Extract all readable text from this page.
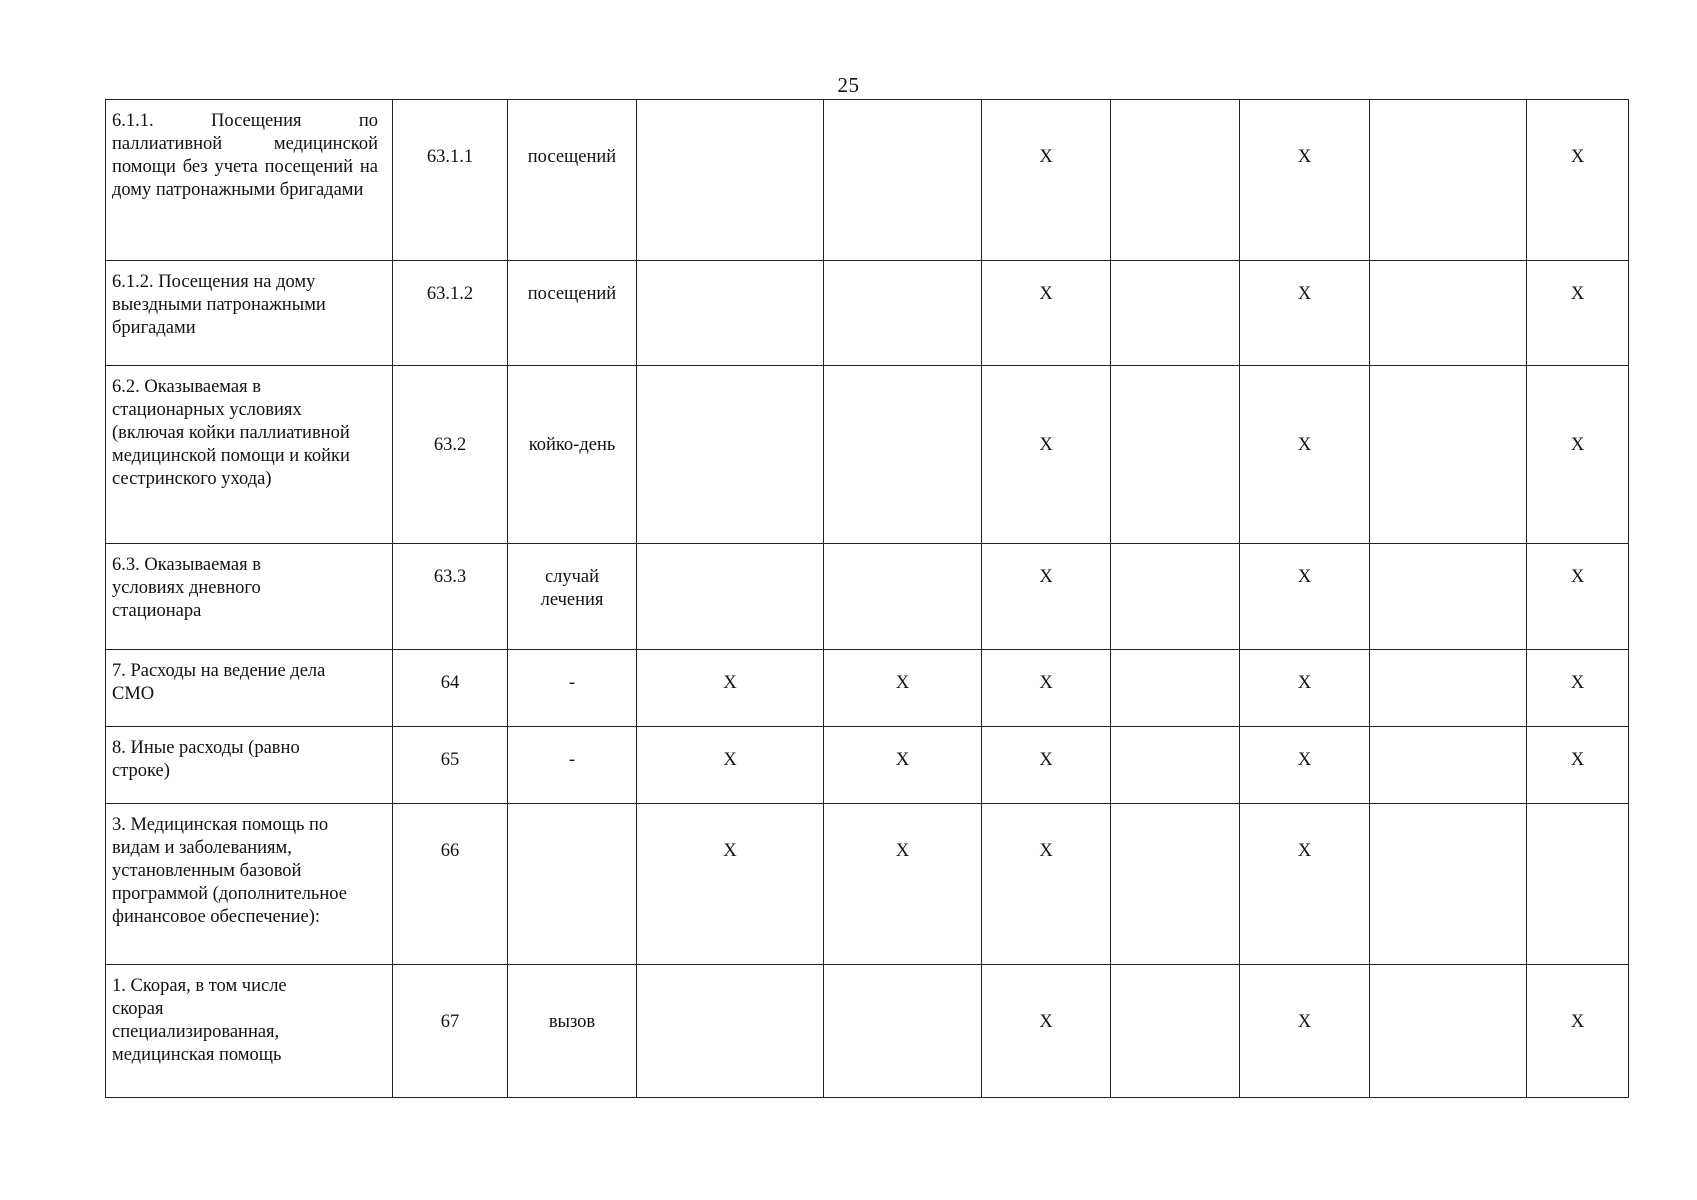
25
6.1.1. Посещения по паллиативной медицинской помощи без учета посещений на дому патронажными бригадами	63.1.1	посещений			X		X		X

6.1.2. Посещения на дому выездными патронажными бригадами	63.1.2	посещений			X		X		X

6.2. Оказываемая в стационарных условиях (включая койки паллиативной медицинской помощи и койки сестринского ухода)	63.2	койко-день			X		X		X

6.3. Оказываемая в условиях дневного стационара	63.3	случай лечения			X		X		X

7. Расходы на ведение дела СМО	64	-	X	X	X		X		X

8. Иные расходы (равно строке)	65	-	X	X	X		X		X

3. Медицинская помощь по видам и заболеваниям, установленным базовой программой (дополнительное финансовое обеспечение):	66		X	X	X		X		

1. Скорая, в том числе скорая специализированная, медицинская помощь	67	вызов			X		X		X
